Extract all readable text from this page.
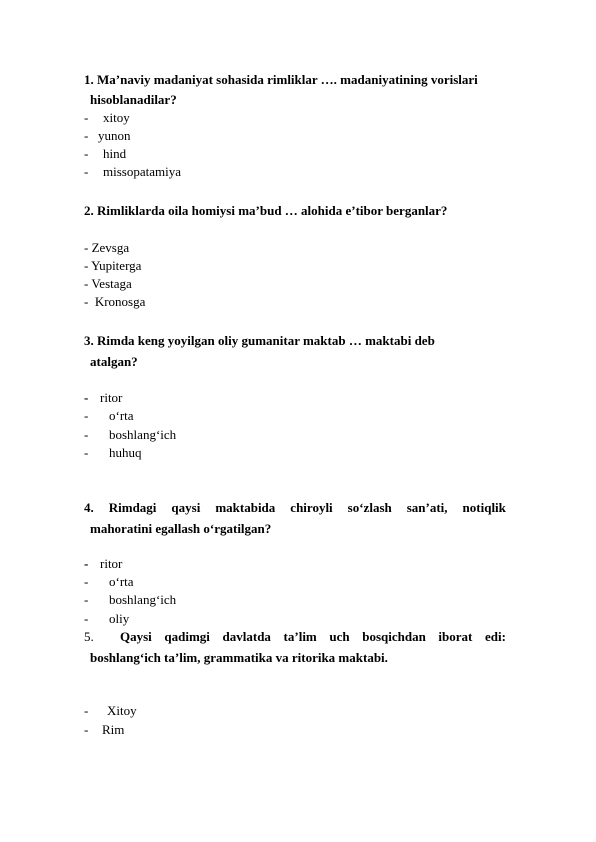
1. Ma’naviy madaniyat sohasida rimliklar …. madaniyatining vorislari
hisoblanadilar?
- xitoy
- yunon
- hind
- missopatamiya
2. Rimliklarda oila homiysi ma’bud … alohida e’tibor berganlar?
- Zevsga
- Yupiterga
- Vestaga
- Kronosga
3. Rimda keng yoyilgan oliy gumanitar maktab … maktabi deb
atalgan?
- ritor
- o‘rta
- boshlang‘ich
- huhuq
4. Rimdagi qaysi maktabida chiroyli so‘zlash san’ati, notiqlik
mahoratini egallash o‘rgatilgan?
- ritor
- o‘rta
- boshlang‘ich
- oliy
5. Qaysi qadimgi davlatda ta’lim uch bosqichdan iborat edi:
boshlang‘ich ta’lim, grammatika va ritorika maktabi.
- Xitoy
- Rim
